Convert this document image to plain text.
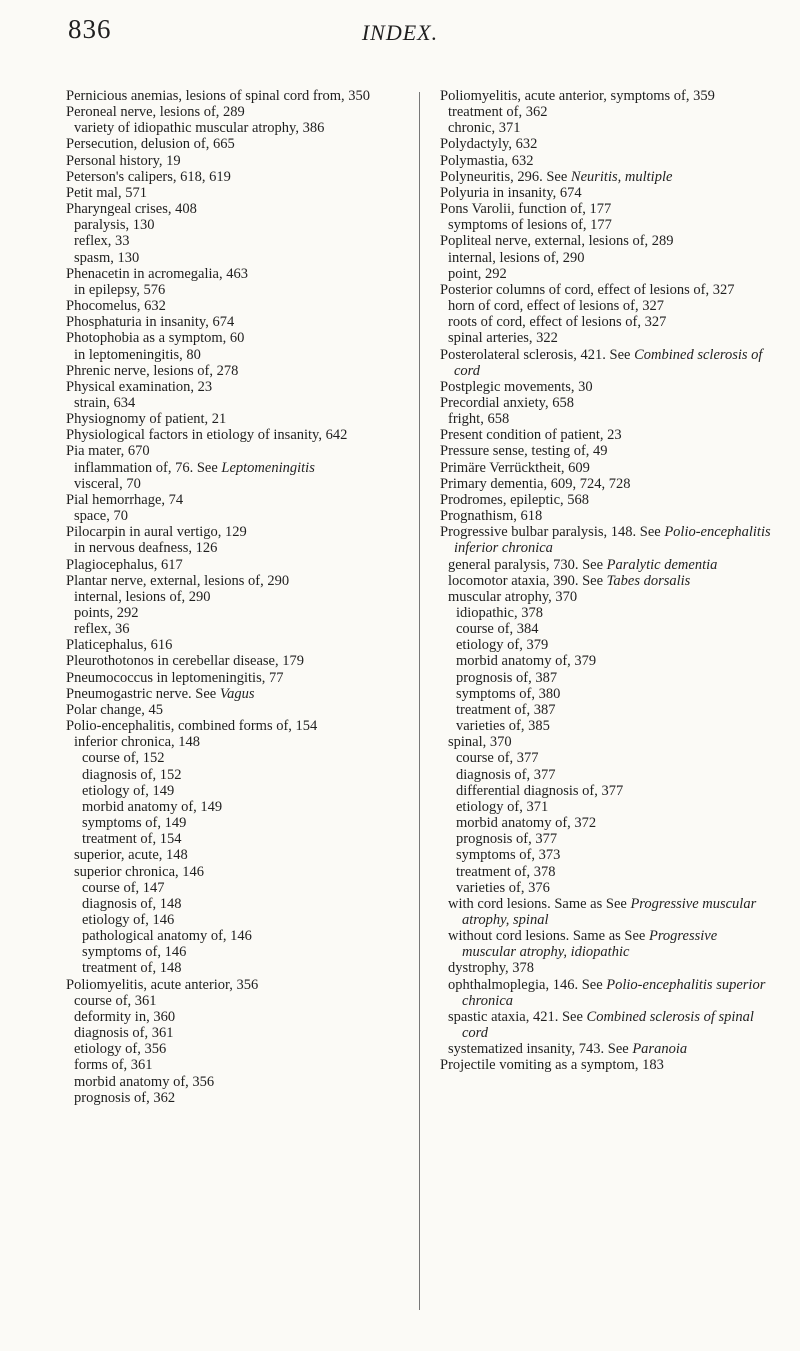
836	INDEX.

Pernicious anemias, lesions of spinal cord from, 350

Peroneal nerve, lesions of, 289

variety of idiopathic muscular atrophy, 386

Persecution, delusion of, 665

Personal history, 19

Peterson's calipers, 618, 619

Petit mal, 571

Pharyngeal crises, 408

paralysis, 130

reflex, 33

spasm, 130

Phenacetin in acromegalia, 463

in epilepsy, 576

Phocomelus, 632

Phosphaturia in insanity, 674

Photophobia as a symptom, 60

in leptomeningitis, 80

Phrenic nerve, lesions of, 278

Physical examination, 23

strain, 634

Physiognomy of patient, 21

Physiological factors in etiology of insanity, 642

Pia mater, 670

inflammation of, 76. See Leptomeningitis

visceral, 70

Pial hemorrhage, 74

space, 70

Pilocarpin in aural vertigo, 129

in nervous deafness, 126

Plagiocephalus, 617

Plantar nerve, external, lesions of, 290

internal, lesions of, 290

points, 292

reflex, 36

Platicephalus, 616

Pleurothotonos in cerebellar disease, 179

Pneumococcus in leptomeningitis, 77

Pneumogastric nerve. See Vagus

Polar change, 45

Polio-encephalitis, combined forms of, 154

inferior chronica, 148

course of, 152

diagnosis of, 152

etiology of, 149

morbid anatomy of, 149

symptoms of, 149

treatment of, 154

superior, acute, 148

superior chronica, 146

course of, 147

diagnosis of, 148

etiology of, 146

pathological anatomy of, 146

symptoms of, 146

treatment of, 148

Poliomyelitis, acute anterior, 356

course of, 361

deformity in, 360

diagnosis of, 361

etiology of, 356

forms of, 361

morbid anatomy of, 356

prognosis of, 362

Poliomyelitis, acute anterior, symptoms of, 359

treatment of, 362

chronic, 371

Polydactyly, 632

Polymastia, 632

Polyneuritis, 296. See Neuritis, multiple

Polyuria in insanity, 674

Pons Varolii, function of, 177

symptoms of lesions of, 177

Popliteal nerve, external, lesions of, 289

internal, lesions of, 290

point, 292

Posterior columns of cord, effect of lesions of, 327

horn of cord, effect of lesions of, 327

roots of cord, effect of lesions of, 327

spinal arteries, 322

Posterolateral sclerosis, 421. See Combined sclerosis of cord

Postplegic movements, 30

Precordial anxiety, 658

fright, 658

Present condition of patient, 23

Pressure sense, testing of, 49

Primäre Verrücktheit, 609

Primary dementia, 609, 724, 728

Prodromes, epileptic, 568

Prognathism, 618

Progressive bulbar paralysis, 148. See Polio-encephalitis inferior chronica

general paralysis, 730. See Paralytic dementia

locomotor ataxia, 390. See Tabes dorsalis

muscular atrophy, 370

idiopathic, 378

course of, 384

etiology of, 379

morbid anatomy of, 379

prognosis of, 387

symptoms of, 380

treatment of, 387

varieties of, 385

spinal, 370

course of, 377

diagnosis of, 377

differential diagnosis of, 377

etiology of, 371

morbid anatomy of, 372

prognosis of, 377

symptoms of, 373

treatment of, 378

varieties of, 376

with cord lesions. Same as See Progressive muscular atrophy, spinal

without cord lesions. Same as See Progressive muscular atrophy, idiopathic

dystrophy, 378

ophthalmoplegia, 146. See Polio-encephalitis superior chronica

spastic ataxia, 421. See Combined sclerosis of spinal cord

systematized insanity, 743. See Paranoia

Projectile vomiting as a symptom, 183
